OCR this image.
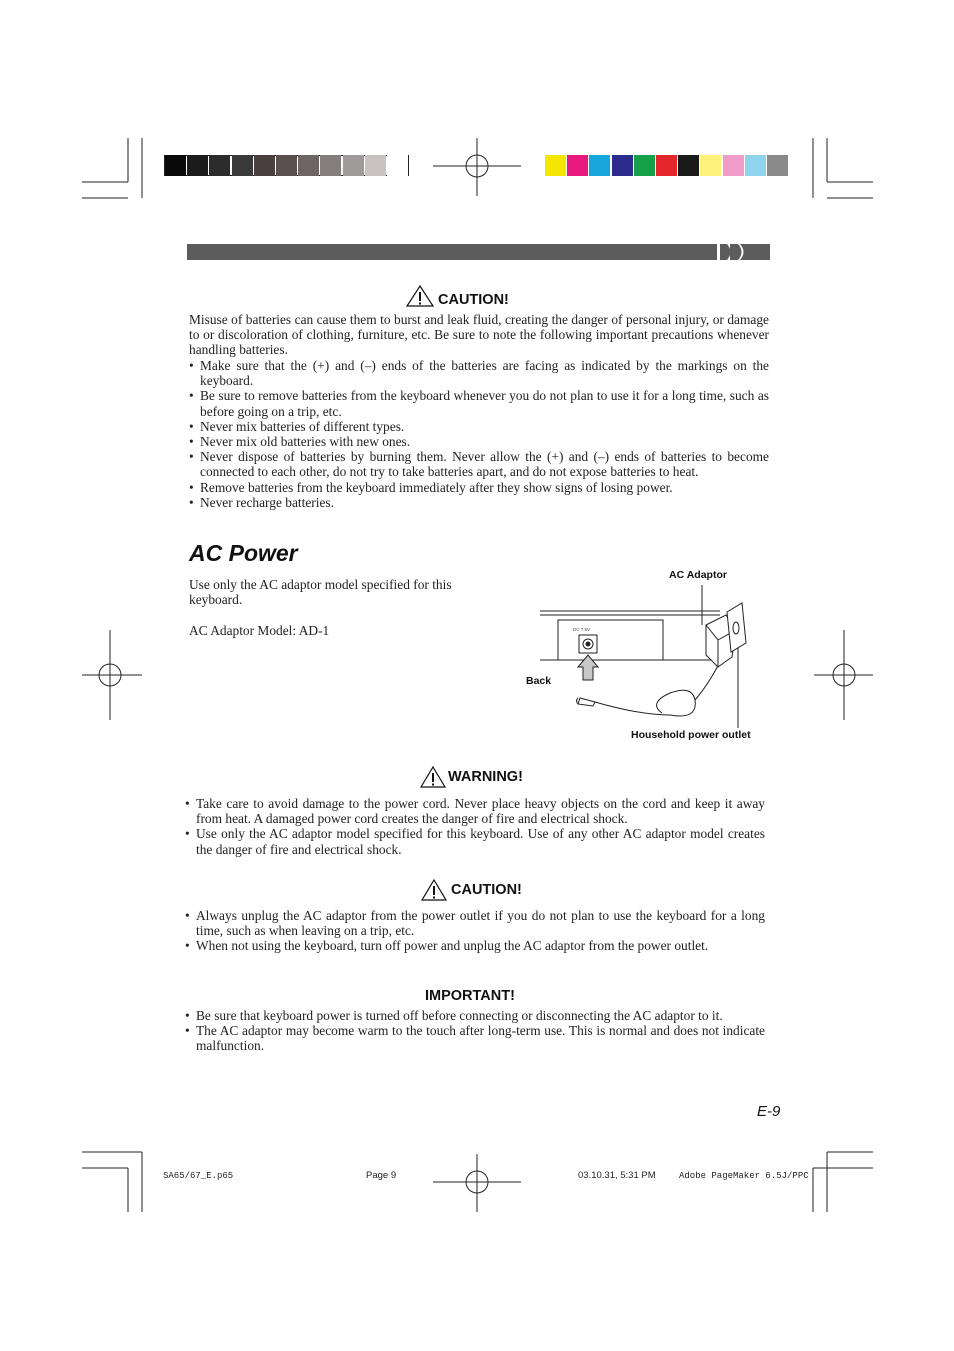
CAUTION!
Misuse of batteries can cause them to burst and leak fluid, creating the danger of personal injury, or damage to or discoloration of clothing, furniture, etc. Be sure to note the following important precautions whenever handling batteries.
• Make sure that the (+) and (–) ends of the batteries are facing as indicated by the markings on the keyboard.
• Be sure to remove batteries from the keyboard whenever you do not plan to use it for a long time, such as before going on a trip, etc.
• Never mix batteries of different types.
• Never mix old batteries with new ones.
• Never dispose of batteries by burning them. Never allow the (+) and (–) ends of batteries to become connected to each other, do not try to take batteries apart, and do not expose batteries to heat.
• Remove batteries from the keyboard immediately after they show signs of losing power.
• Never recharge batteries.
AC Power
Use only the AC adaptor model specified for this keyboard.
AC Adaptor Model: AD-1
AC Adaptor
Back
Household power outlet
DC 7.5V
WARNING!
• Take care to avoid damage to the power cord. Never place heavy objects on the cord and keep it away from heat. A damaged power cord creates the danger of fire and electrical shock.
• Use only the AC adaptor model specified for this keyboard. Use of any other AC adaptor model creates the danger of fire and electrical shock.
CAUTION!
• Always unplug the AC adaptor from the power outlet if you do not plan to use the keyboard for a long time, such as when leaving on a trip, etc.
• When not using the keyboard, turn off power and unplug the AC adaptor from the power outlet.
IMPORTANT!
• Be sure that keyboard power is turned off before connecting or disconnecting the AC adaptor to it.
• The AC adaptor may become warm to the touch after long-term use. This is normal and does not indicate malfunction.
E-9
SA65/67_E.p65	Page 9	03.10.31, 5:31 PM	Adobe PageMaker 6.5J/PPC
